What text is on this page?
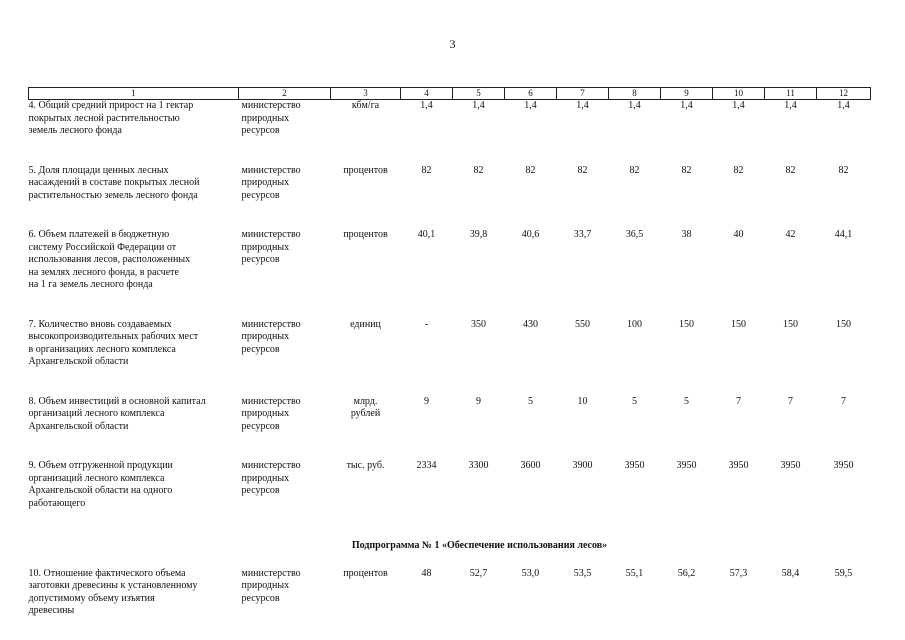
3
1	2	3	4	5	6	7	8	9	10	11	12
4. Общий средний прирост на 1 гектар
покрытых лесной растительностью
земель лесного фонда	министерство
природных
ресурсов	кбм/га	1,4	1,4	1,4	1,4	1,4	1,4	1,4	1,4	1,4

5. Доля площади ценных лесных
насаждений в составе покрытых лесной
растительностью земель лесного фонда	министерство
природных
ресурсов	процентов	82	82	82	82	82	82	82	82	82

6. Объем платежей в бюджетную
систему Российской Федерации от
использования лесов, расположенных
на землях лесного фонда, в расчете
на 1 га земель лесного фонда	министерство
природных
ресурсов	процентов	40,1	39,8	40,6	33,7	36,5	38	40	42	44,1

7. Количество вновь создаваемых
высокопроизводительных рабочих мест
в организациях лесного комплекса
Архангельской области	министерство
природных
ресурсов	единиц	-	350	430	550	100	150	150	150	150

8. Объем инвестиций в основной капитал
организаций лесного комплекса
Архангельской области	министерство
природных
ресурсов	млрд.
рублей	9	9	5	10	5	5	7	7	7

9. Объем отгруженной продукции
организаций лесного комплекса
Архангельской области на одного
работающего	министерство
природных
ресурсов	тыс. руб.	2334	3300	3600	3900	3950	3950	3950	3950	3950

Подпрограмма № 1 «Обеспечение использования лесов»											

10. Отношение фактического объема
заготовки древесины к установленному
допустимому объему изъятия
древесины	министерство
природных
ресурсов	процентов	48	52,7	53,0	53,5	55,1	56,2	57,3	58,4	59,5
